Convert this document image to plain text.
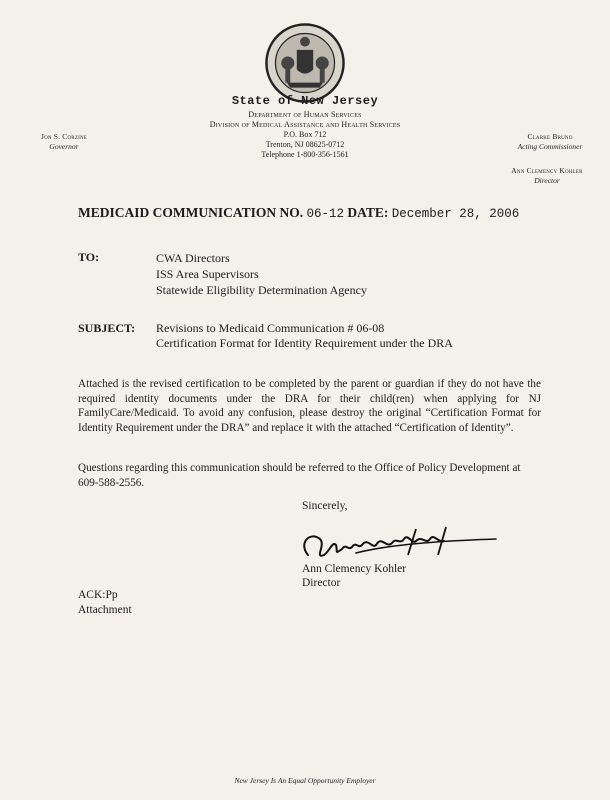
State of New Jersey
Department of Human Services
Division of Medical Assistance and Health Services
P.O. Box 712
Trenton, NJ 08625-0712
Telephone 1-800-356-1561
Jon S. Corzine
Governor
Clarke Bruno
Acting Commissioner
Ann Clemency Kohler
Director
MEDICAID COMMUNICATION NO. 06-12 DATE: December 28, 2006
TO:	CWA Directors
ISS Area Supervisors
Statewide Eligibility Determination Agency
SUBJECT: Revisions to Medicaid Communication # 06-08
Certification Format for Identity Requirement under the DRA
Attached is the revised certification to be completed by the parent or guardian if they do not have the required identity documents under the DRA for their child(ren) when applying for NJ FamilyCare/Medicaid. To avoid any confusion, please destroy the original “Certification Format for Identity Requirement under the DRA” and replace it with the attached “Certification of Identity”.
Questions regarding this communication should be referred to the Office of Policy Development at 609-588-2556.
Sincerely,
Ann Clemency Kohler
Director
ACK:Pp
Attachment
New Jersey Is An Equal Opportunity Employer
